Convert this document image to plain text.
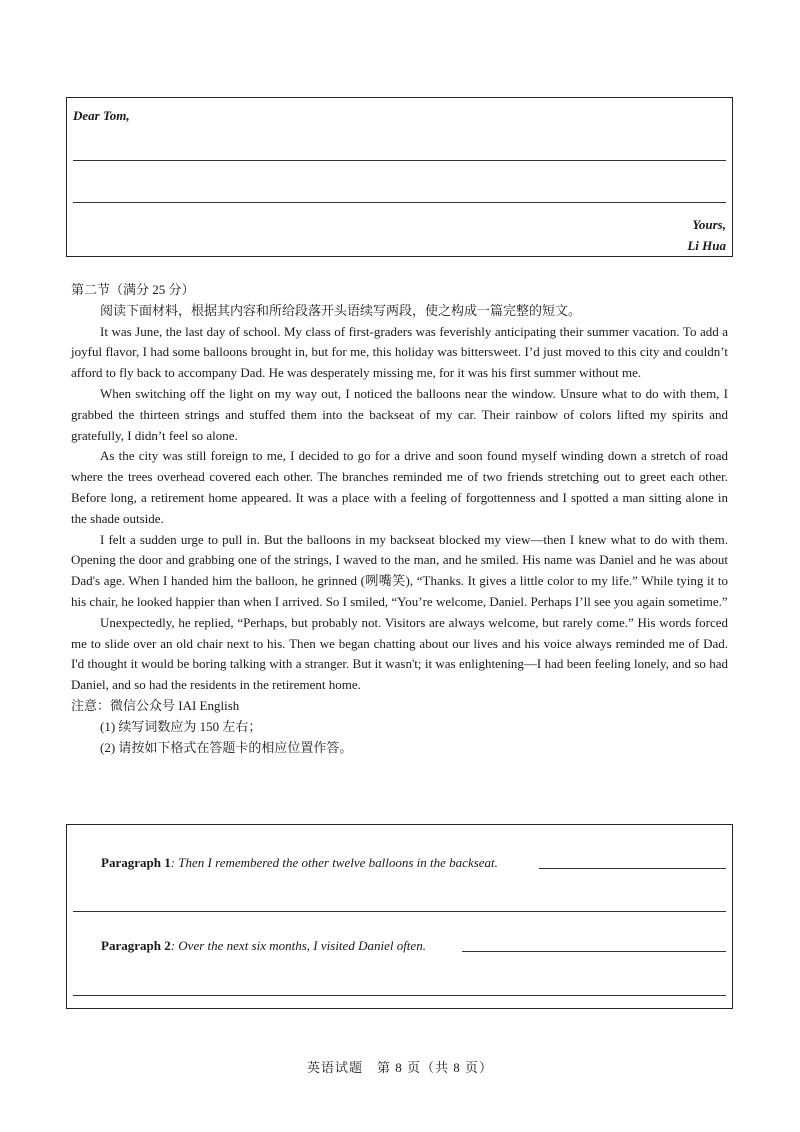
Dear Tom,
Yours,
Li Hua

第二节（满分 25 分）

阅读下面材料，根据其内容和所给段落开头语续写两段，使之构成一篇完整的短文。

It was June, the last day of school. My class of first-graders was feverishly anticipating their summer vacation. To add a joyful flavor, I had some balloons brought in, but for me, this holiday was bittersweet. I’d just moved to this city and couldn’t afford to fly back to accompany Dad. He was desperately missing me, for it was his first summer without me.

When switching off the light on my way out, I noticed the balloons near the window. Unsure what to do with them, I grabbed the thirteen strings and stuffed them into the backseat of my car. Their rainbow of colors lifted my spirits and gratefully, I didn’t feel so alone.

As the city was still foreign to me, I decided to go for a drive and soon found myself winding down a stretch of road where the trees overhead covered each other. The branches reminded me of two friends stretching out to greet each other. Before long, a retirement home appeared. It was a place with a feeling of forgottenness and I spotted a man sitting alone in the shade outside.

I felt a sudden urge to pull in. But the balloons in my backseat blocked my view—then I knew what to do with them. Opening the door and grabbing one of the strings, I waved to the man, and he smiled. His name was Daniel and he was about Dad's age. When I handed him the balloon, he grinned (咧嘴笑), “Thanks. It gives a little color to my life.” While tying it to his chair, he looked happier than when I arrived. So I smiled, “You’re welcome, Daniel. Perhaps I’ll see you again sometime.”

Unexpectedly, he replied, “Perhaps, but probably not. Visitors are always welcome, but rarely come.” His words forced me to slide over an old chair next to his. Then we began chatting about our lives and his voice always reminded me of Dad. I'd thought it would be boring talking with a stranger. But it wasn't; it was enlightening—I had been feeling lonely, and so had Daniel, and so had the residents in the retirement home.

注意：微信公众号 IAI English

(1) 续写词数应为 150 左右；

(2) 请按如下格式在答题卡的相应位置作答。

Paragraph 1: Then I remembered the other twelve balloons in the backseat.
Paragraph 2: Over the next six months, I visited Daniel often.
英语试题　第 8 页（共 8 页）
